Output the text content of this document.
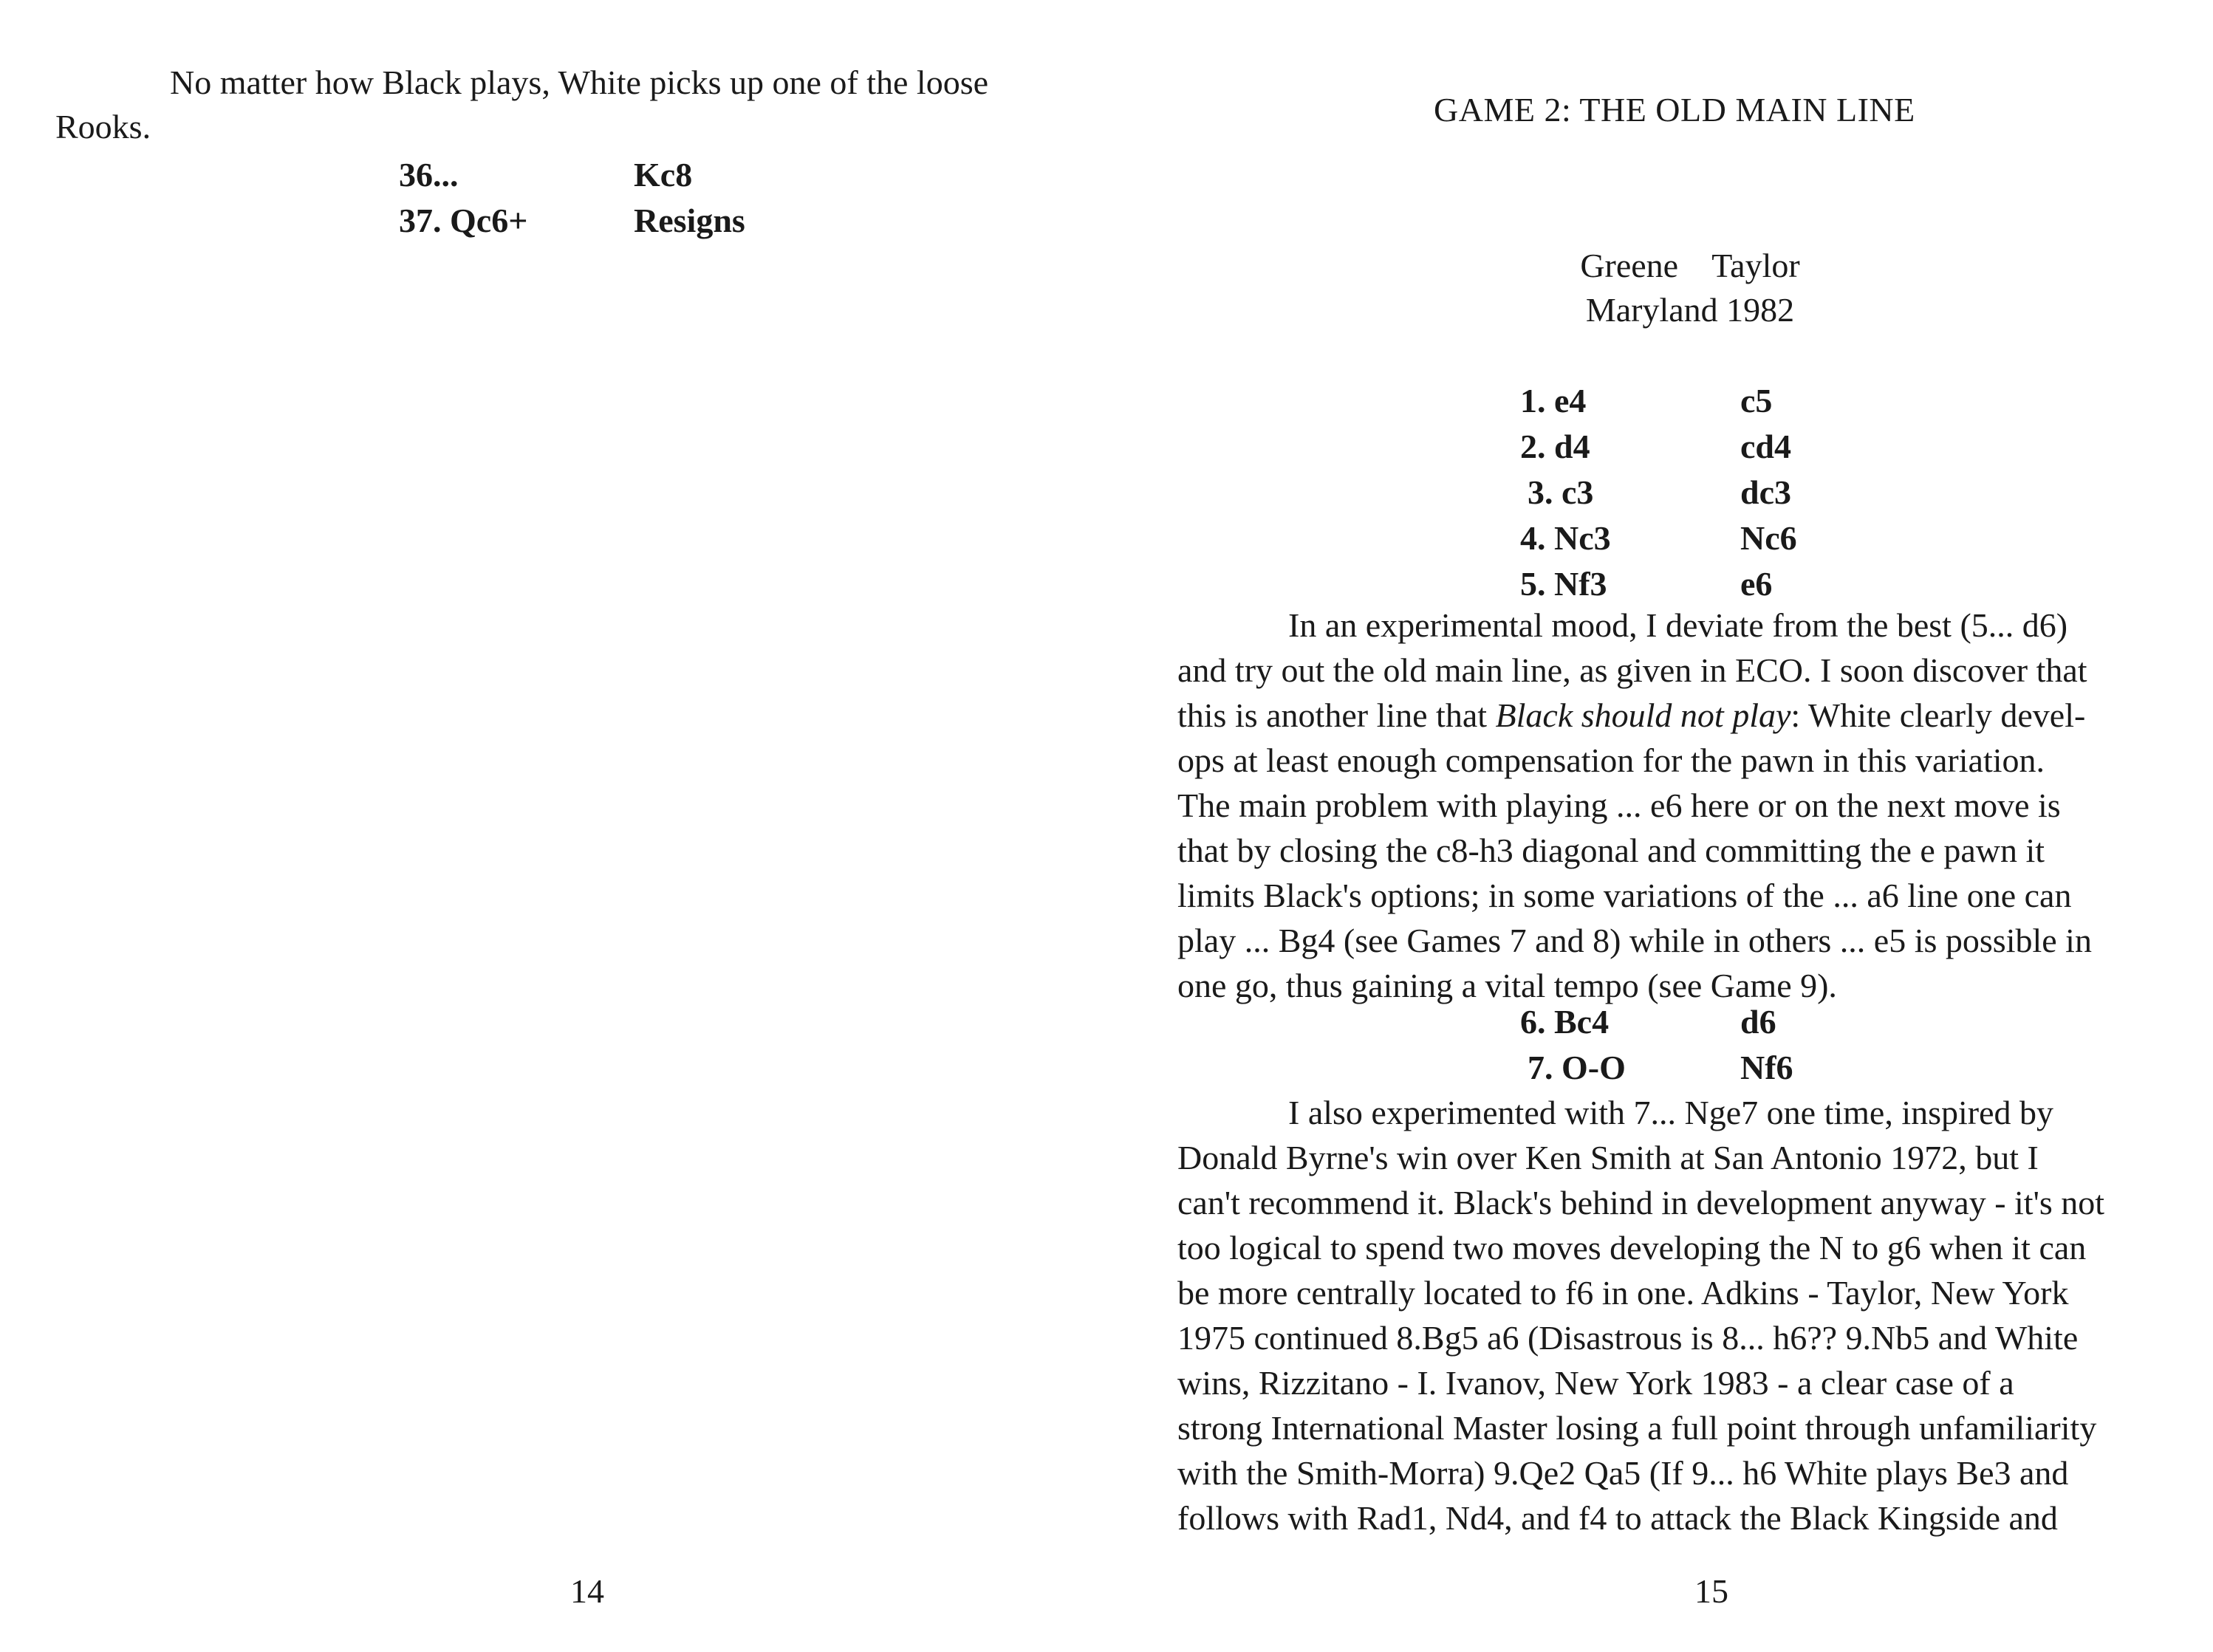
No matter how Black plays, White picks up one of the loose

Rooks.

36...	Kc8
37. Qc6+	Resigns
14
GAME 2: THE OLD MAIN LINE
Greene    Taylor
Maryland 1982
1. e4	c5
2. d4	cd4
3. c3	dc3
4. Nc3	Nc6
5. Nf3	e6
In an experimental mood, I deviate from the best (5... d6)
and try out the old main line, as given in ECO. I soon discover that
this is another line that Black should not play: White clearly devel-
ops at least enough compensation for the pawn in this variation.
The main problem with playing ... e6 here or on the next move is
that by closing the c8-h3 diagonal and committing the e pawn it
limits Black's options; in some variations of the ... a6 line one can
play ... Bg4 (see Games 7 and 8) while in others ... e5 is possible in
one go, thus gaining a vital tempo (see Game 9).
6. Bc4	d6
7. O-O	Nf6
I also experimented with 7... Nge7 one time, inspired by
Donald Byrne's win over Ken Smith at San Antonio 1972, but I
can't recommend it. Black's behind in development anyway - it's not
too logical to spend two moves developing the N to g6 when it can
be more centrally located to f6 in one. Adkins - Taylor, New York
1975 continued 8.Bg5 a6 (Disastrous is 8... h6?? 9.Nb5 and White
wins, Rizzitano - I. Ivanov, New York 1983 - a clear case of a
strong International Master losing a full point through unfamiliarity
with the Smith-Morra) 9.Qe2 Qa5 (If 9... h6 White plays Be3 and
follows with Rad1, Nd4, and f4 to attack the Black Kingside and
15
